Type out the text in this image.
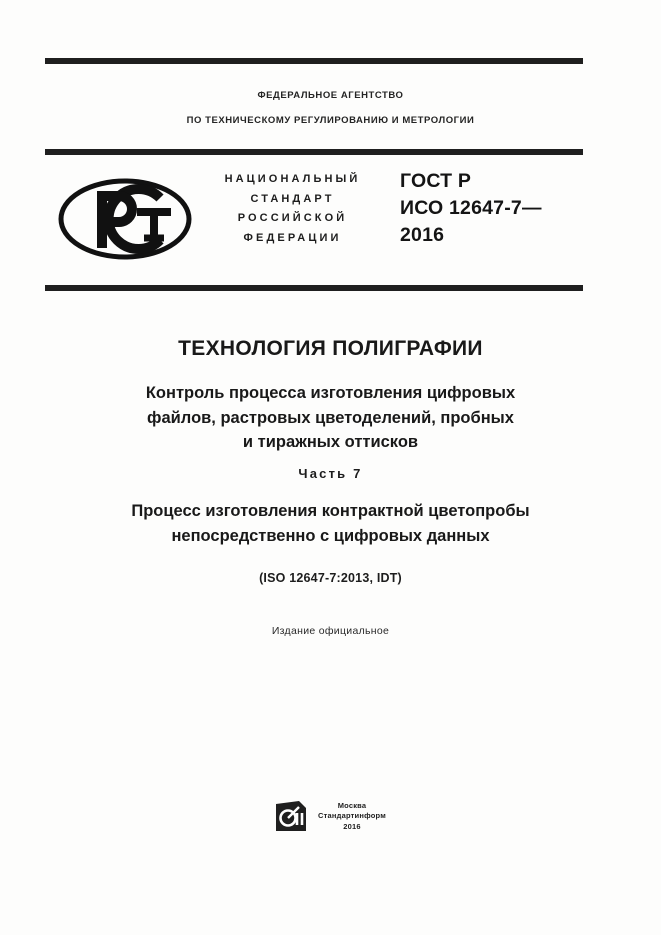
ФЕДЕРАЛЬНОЕ АГЕНТСТВО
ПО ТЕХНИЧЕСКОМУ РЕГУЛИРОВАНИЮ И МЕТРОЛОГИИ
НАЦИОНАЛЬНЫЙ
СТАНДАРТ
РОССИЙСКОЙ
ФЕДЕРАЦИИ
ГОСТ Р
ИСО 12647-7—
2016
ТЕХНОЛОГИЯ ПОЛИГРАФИИ
Контроль процесса изготовления цифровых
файлов, растровых цветоделений, пробных
и тиражных оттисков
Часть 7
Процесс изготовления контрактной цветопробы
непосредственно с цифровых данных
(ISO 12647-7:2013, IDT)
Издание официальное
Москва
Стандартинформ
2016
